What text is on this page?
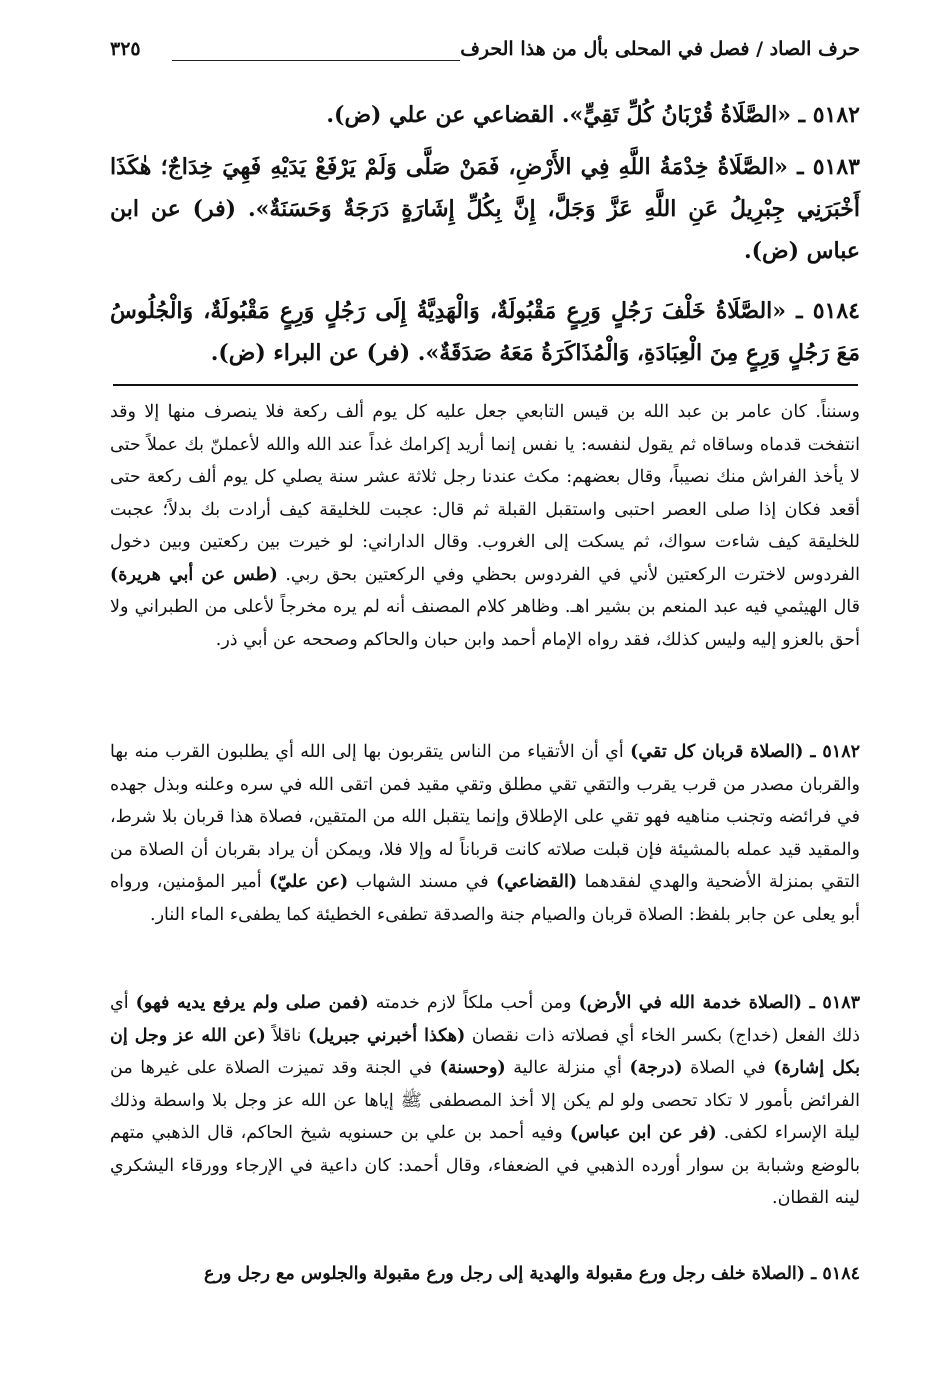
حرف الصاد / فصل في المحلى بأل من هذا الحرف
٣٢٥

٥١٨٢ ـ «الصَّلَاةُ قُرْبَانُ كُلِّ تَقِيٍّ». القضاعي عن علي (ض).

٥١٨٣ ـ «الصَّلَاةُ خِدْمَةُ اللَّهِ فِي الأَرْضِ، فَمَنْ صَلَّى وَلَمْ يَرْفَعْ يَدَيْهِ فَهِيَ خِدَاجٌ؛ هٰكَذَا أَخْبَرَنِي جِبْرِيلُ عَنِ اللَّهِ عَزَّ وَجَلَّ، إِنَّ بِكُلِّ إِشَارَةٍ دَرَجَةٌ وَحَسَنَةٌ». (فر) عن ابن عباس (ض).

٥١٨٤ ـ «الصَّلَاةُ خَلْفَ رَجُلٍ وَرِعٍ مَقْبُولَةٌ، وَالْهَدِيَّةُ إِلَى رَجُلٍ وَرِعٍ مَقْبُولَةٌ، وَالْجُلُوسُ مَعَ رَجُلٍ وَرِعٍ مِنَ الْعِبَادَةِ، وَالْمُذَاكَرَةُ مَعَهُ صَدَقَةٌ». (فر) عن البراء (ض).

وسنناً. كان عامر بن عبد الله بن قيس التابعي جعل عليه كل يوم ألف ركعة فلا ينصرف منها إلا وقد انتفخت قدماه وساقاه ثم يقول لنفسه: يا نفس إنما أريد إكرامك غداً عند الله والله لأعملنّ بك عملاً حتى لا يأخذ الفراش منك نصيباً، وقال بعضهم: مكث عندنا رجل ثلاثة عشر سنة يصلي كل يوم ألف ركعة حتى أقعد فكان إذا صلى العصر احتبى واستقبل القبلة ثم قال: عجبت للخليقة كيف أرادت بك بدلاً؛ عجبت للخليقة كيف شاءت سواك، ثم يسكت إلى الغروب. وقال الداراني: لو خيرت بين ركعتين وبين دخول الفردوس لاخترت الركعتين لأني في الفردوس بحظي وفي الركعتين بحق ربي. (طس عن أبي هريرة) قال الهيثمي فيه عبد المنعم بن بشير اهـ. وظاهر كلام المصنف أنه لم يره مخرجاً لأعلى من الطبراني ولا أحق بالعزو إليه وليس كذلك، فقد رواه الإمام أحمد وابن حبان والحاكم وصححه عن أبي ذر.

٥١٨٢ ـ (الصلاة قربان كل تقي) أي أن الأتقياء من الناس يتقربون بها إلى الله أي يطلبون القرب منه بها والقربان مصدر من قرب يقرب والتقي تقي مطلق وتقي مقيد فمن اتقى الله في سره وعلنه وبذل جهده في فرائضه وتجنب مناهيه فهو تقي على الإطلاق وإنما يتقبل الله من المتقين، فصلاة هذا قربان بلا شرط، والمقيد قيد عمله بالمشيئة فإن قبلت صلاته كانت قرباناً له وإلا فلا، ويمكن أن يراد بقربان أن الصلاة من التقي بمنزلة الأضحية والهدي لفقدهما (القضاعي) في مسند الشهاب (عن عليّ) أمير المؤمنين، ورواه أبو يعلى عن جابر بلفظ: الصلاة قربان والصيام جنة والصدقة تطفىء الخطيئة كما يطفىء الماء النار.

٥١٨٣ ـ (الصلاة خدمة الله في الأرض) ومن أحب ملكاً لازم خدمته (فمن صلى ولم يرفع يديه فهو) أي ذلك الفعل (خداج) بكسر الخاء أي فصلاته ذات نقصان (هكذا أخبرني جبريل) ناقلاً (عن الله عز وجل إن بكل إشارة) في الصلاة (درجة) أي منزلة عالية (وحسنة) في الجنة وقد تميزت الصلاة على غيرها من الفرائض بأمور لا تكاد تحصى ولو لم يكن إلا أخذ المصطفى ﷺ إياها عن الله عز وجل بلا واسطة وذلك ليلة الإسراء لكفى. (فر عن ابن عباس) وفيه أحمد بن علي بن حسنويه شيخ الحاكم، قال الذهبي متهم بالوضع وشبابة بن سوار أورده الذهبي في الضعفاء، وقال أحمد: كان داعية في الإرجاء وورقاء اليشكري لينه القطان.

٥١٨٤ ـ (الصلاة خلف رجل ورع مقبولة والهدية إلى رجل ورع مقبولة والجلوس مع رجل ورع
